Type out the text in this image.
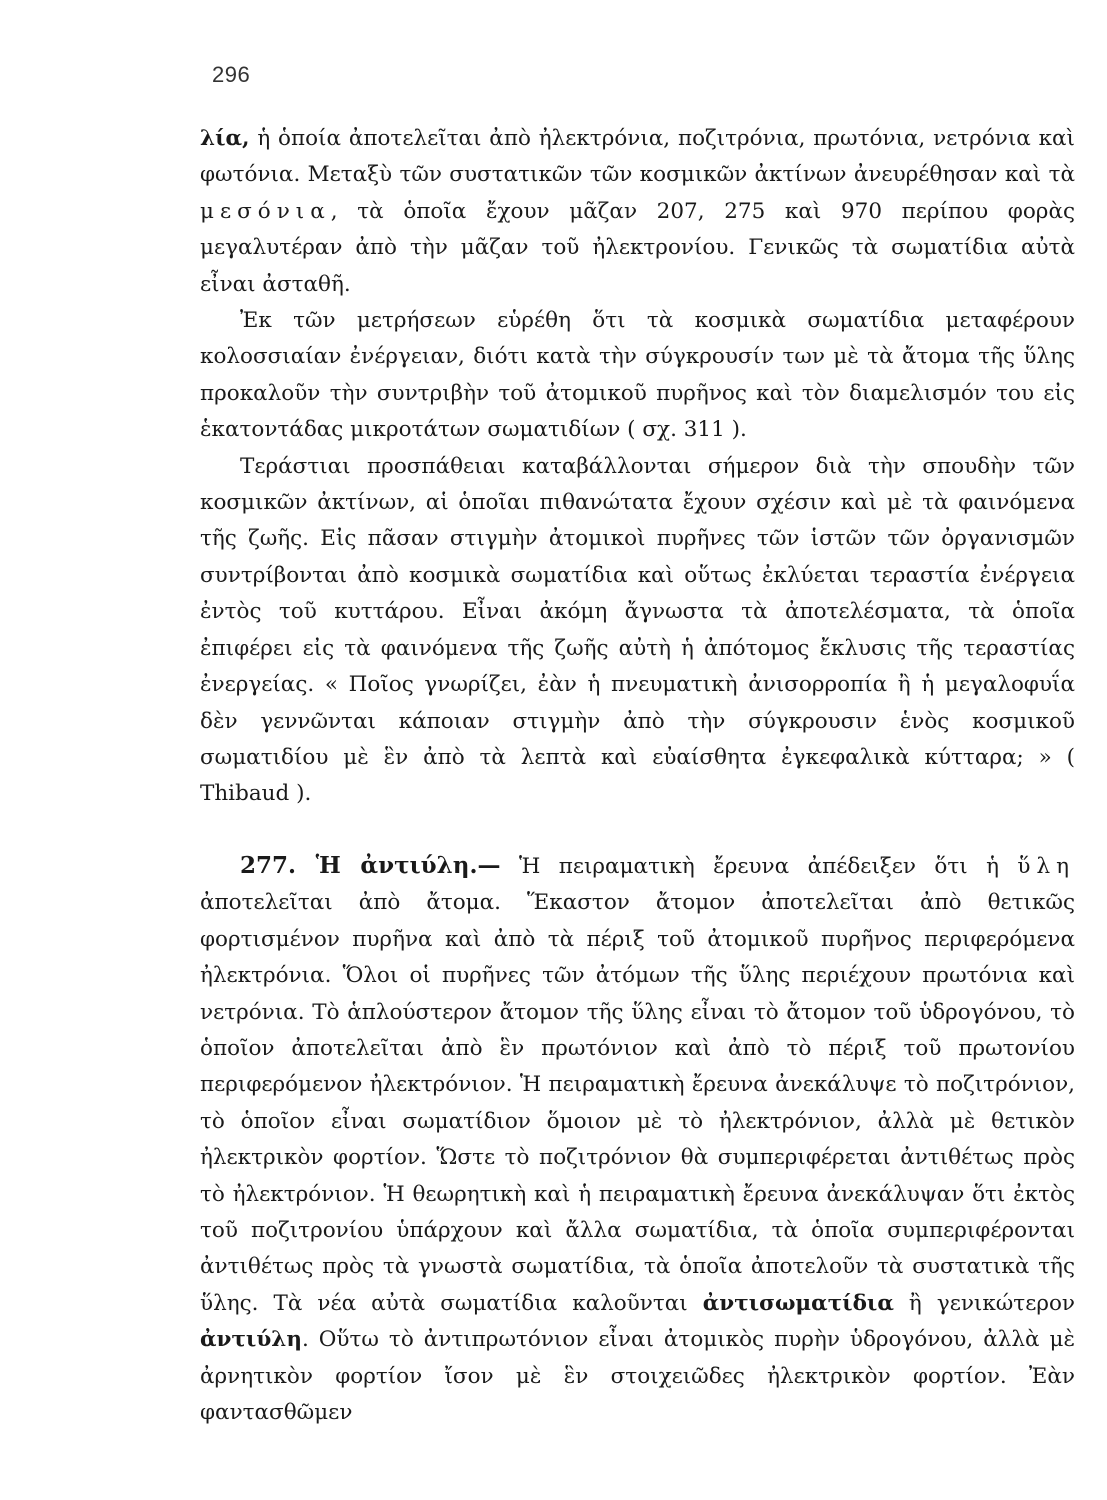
296

λία, ἡ ὁποία ἀποτελεῖται ἀπὸ ἠλεκτρόνια, ποζιτρόνια, πρωτόνια, νετρόνια καὶ φωτόνια. Μεταξὺ τῶν συστατικῶν τῶν κοσμικῶν ἀκτίνων ἀνευρέθησαν καὶ τὰ μεσόνια, τὰ ὁποῖα ἔχουν μᾶζαν 207, 275 καὶ 970 περίπου φορὰς μεγαλυτέραν ἀπὸ τὴν μᾶζαν τοῦ ἠλεκτρονίου. Γενικῶς τὰ σωματίδια αὐτὰ εἶναι ἀσταθῆ.

Ἐκ τῶν μετρήσεων εὑρέθη ὅτι τὰ κοσμικὰ σωματίδια μεταφέρουν κολοσσιαίαν ἐνέργειαν, διότι κατὰ τὴν σύγκρουσίν των μὲ τὰ ἄτομα τῆς ὕλης προκαλοῦν τὴν συντριβὴν τοῦ ἀτομικοῦ πυρῆνος καὶ τὸν διαμελισμόν του εἰς ἑκατοντάδας μικροτάτων σωματιδίων ( σχ. 311 ).

Τεράστιαι προσπάθειαι καταβάλλονται σήμερον διὰ τὴν σπουδὴν τῶν κοσμικῶν ἀκτίνων, αἱ ὁποῖαι πιθανώτατα ἔχουν σχέσιν καὶ μὲ τὰ φαινόμενα τῆς ζωῆς. Εἰς πᾶσαν στιγμὴν ἀτομικοὶ πυρῆνες τῶν ἱστῶν τῶν ὀργανισμῶν συντρίβονται ἀπὸ κοσμικὰ σωματίδια καὶ οὕτως ἐκλύεται τεραστία ἐνέργεια ἐντὸς τοῦ κυττάρου. Εἶναι ἀκόμη ἄγνωστα τὰ ἀποτελέσματα, τὰ ὁποῖα ἐπιφέρει εἰς τὰ φαινόμενα τῆς ζωῆς αὐτὴ ἡ ἀπότομος ἔκλυσις τῆς τεραστίας ἐνεργείας. « Ποῖος γνωρίζει, ἐὰν ἡ πνευματικὴ ἀνισορροπία ἢ ἡ μεγαλοφυΐα δὲν γεννῶνται κάποιαν στιγμὴν ἀπὸ τὴν σύγκρουσιν ἑνὸς κοσμικοῦ σωματιδίου μὲ ἓν ἀπὸ τὰ λεπτὰ καὶ εὐαίσθητα ἐγκεφαλικὰ κύτταρα; » ( Thibaud ).

277. Ἡ ἀντιύλη.— Ἡ πειραματικὴ ἔρευνα ἀπέδειξεν ὅτι ἡ ὕλη ἀποτελεῖται ἀπὸ ἄτομα. Ἕκαστον ἄτομον ἀποτελεῖται ἀπὸ θετικῶς φορτισμένον πυρῆνα καὶ ἀπὸ τὰ πέριξ τοῦ ἀτομικοῦ πυρῆνος περιφερόμενα ἠλεκτρόνια. Ὅλοι οἱ πυρῆνες τῶν ἀτόμων τῆς ὕλης περιέχουν πρωτόνια καὶ νετρόνια. Τὸ ἁπλούστερον ἄτομον τῆς ὕλης εἶναι τὸ ἄτομον τοῦ ὑδρογόνου, τὸ ὁποῖον ἀποτελεῖται ἀπὸ ἓν πρωτόνιον καὶ ἀπὸ τὸ πέριξ τοῦ πρωτονίου περιφερόμενον ἠλεκτρόνιον. Ἡ πειραματικὴ ἔρευνα ἀνεκάλυψε τὸ ποζιτρόνιον, τὸ ὁποῖον εἶναι σωματίδιον ὅμοιον μὲ τὸ ἠλεκτρόνιον, ἀλλὰ μὲ θετικὸν ἠλεκτρικὸν φορτίον. Ὥστε τὸ ποζιτρόνιον θὰ συμπεριφέρεται ἀντιθέτως πρὸς τὸ ἠλεκτρόνιον. Ἡ θεωρητικὴ καὶ ἡ πειραματικὴ ἔρευνα ἀνεκάλυψαν ὅτι ἐκτὸς τοῦ ποζιτρονίου ὑπάρχουν καὶ ἄλλα σωματίδια, τὰ ὁποῖα συμπεριφέρονται ἀντιθέτως πρὸς τὰ γνωστὰ σωματίδια, τὰ ὁποῖα ἀποτελοῦν τὰ συστατικὰ τῆς ὕλης. Τὰ νέα αὐτὰ σωματίδια καλοῦνται ἀντισωματίδια ἢ γενικώτερον ἀντιύλη. Οὕτω τὸ ἀντιπρωτόνιον εἶναι ἀτομικὸς πυρὴν ὑδρογόνου, ἀλλὰ μὲ ἀρνητικὸν φορτίον ἴσον μὲ ἓν στοιχειῶδες ἠλεκτρικὸν φορτίον. Ἐὰν φαντασθῶμεν
